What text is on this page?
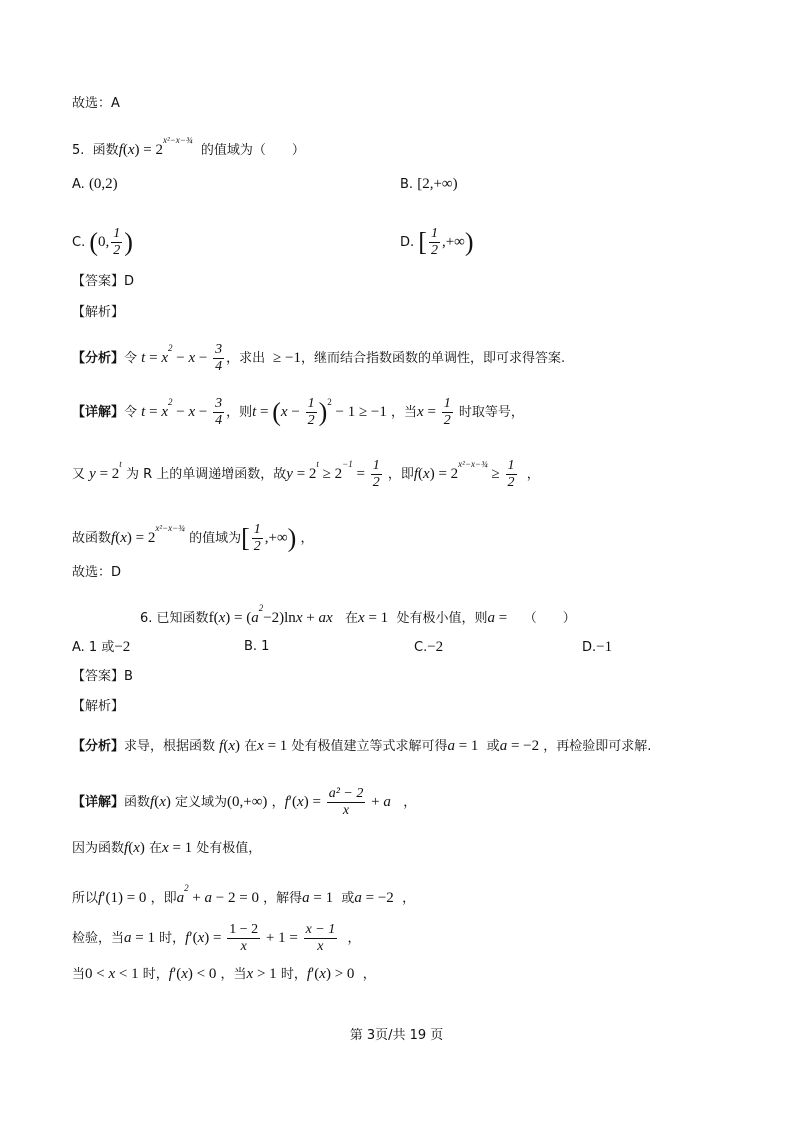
故选：A
5. 函数$f(x) = 2^{x^2-x-\frac{3}{4}}$  的值域为（　　）
A. (0,2)	B. [2,+∞)
C. (0, $\frac{1}{2}$ )	D. [ $\frac{1}{2}$ ,+∞)
【答案】D
【解析】
【分析】令 $t = x^2 - x - \frac{3}{4}$ ，求出  ≥ −1，继而结合指数函数的单调性，即可求得答案.
【详解】令 $t = x^2 - x - \frac{3}{4}$ ，则$t = (x - \frac{1}{2} )^2 - 1 \ge -1$ ，当$x = \frac{1}{2}$ 时取等号，
又 $y = 2^t$ 为 R 上的单调递增函数，故$y = 2^t \ge 2^{-1} = \frac{1}{2}$ ，即$f(x) = 2^{x^2-x-\frac{3}{4}} \ge \frac{1}{2}$ ，
故函数$f(x) = 2^{x^2-x-\frac{3}{4}}$ 的值域为[ $\frac{1}{2}$ ,+∞) ，
故选：D
6. 已知函数$f(x) = (a^2-2)\ln x$ + ax 在x = 1 处有极小值，则a = （　　）
A. 1 或−2	B. 1	C.−2	D.−1
【答案】B
【解析】
【分析】求导，根据函数 f(x) 在x = 1 处有极值建立等式求解可得a = 1 或a = −2 ，再检验即可求解.
【详解】函数f(x) 定义域为(0,+∞) ，$f'(x) = \frac{\text{a² − 2}}{x} + a$ ，
因为函数f(x) 在x = 1 处有极值，
所以f′(1) = 0 ，即$a^2 + a - 2 = 0$ ，解得a = 1 或a = −2 ，
检验，当a = 1 时，$f'(x) = \frac{1 - 2}{x} + 1 = \frac{x - 1}{x}$ ，
当0 < x < 1 时，f′(x) < 0 ，当x > 1 时，f′(x) > 0 ，
第 3页/共 19 页
